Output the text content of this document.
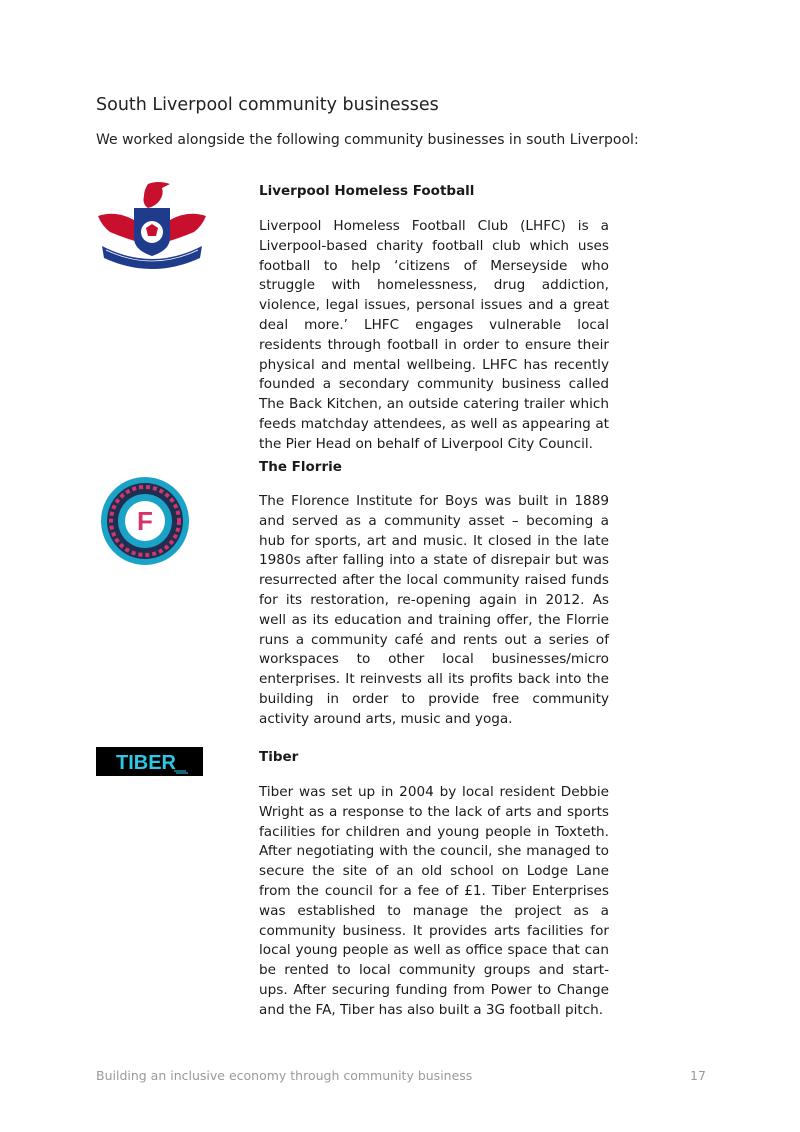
South Liverpool community businesses

We worked alongside the following community businesses in south Liverpool:

Liverpool Homeless Football

Liverpool Homeless Football Club (LHFC) is a Liverpool-based charity football club which uses football to help ‘citizens of Merseyside who struggle with homelessness, drug addiction, violence, legal issues, personal issues and a great deal more.’ LHFC engages vulnerable local residents through football in order to ensure their physical and mental wellbeing. LHFC has recently founded a secondary community business called The Back Kitchen, an outside catering trailer which feeds matchday attendees, as well as appearing at the Pier Head on behalf of Liverpool City Council.

F
The Florrie

The Florence Institute for Boys was built in 1889 and served as a community asset – becoming a hub for sports, art and music. It closed in the late 1980s after falling into a state of disrepair but was resurrected after the local community raised funds for its restoration, re-opening again in 2012. As well as its education and training offer, the Florrie runs a community café and rents out a series of workspaces to other local businesses/micro enterprises. It reinvests all its profits back into the building in order to provide free community activity around arts, music and yoga.

TIBER	Tiber

Tiber was set up in 2004 by local resident Debbie Wright as a response to the lack of arts and sports facilities for children and young people in Toxteth. After negotiating with the council, she managed to secure the site of an old school on Lodge Lane from the council for a fee of £1. Tiber Enterprises was established to manage the project as a community business. It provides arts facilities for local young people as well as office space that can be rented to local community groups and start-ups. After securing funding from Power to Change and the FA, Tiber has also built a 3G football pitch.

Building an inclusive economy through community business	17
